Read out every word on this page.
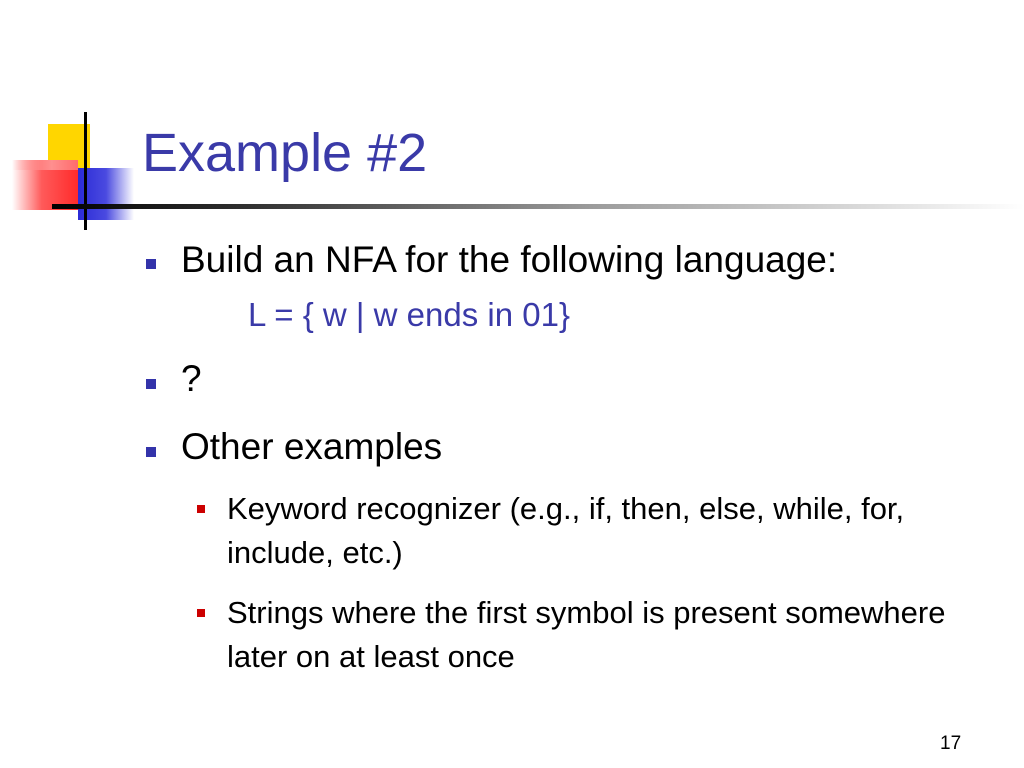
Example #2
Build an NFA for the following language:
L = { w | w ends in 01}
?
Other examples
Keyword recognizer (e.g., if, then, else, while, for, include, etc.)
Strings where the first symbol is present somewhere later on at least once
17
